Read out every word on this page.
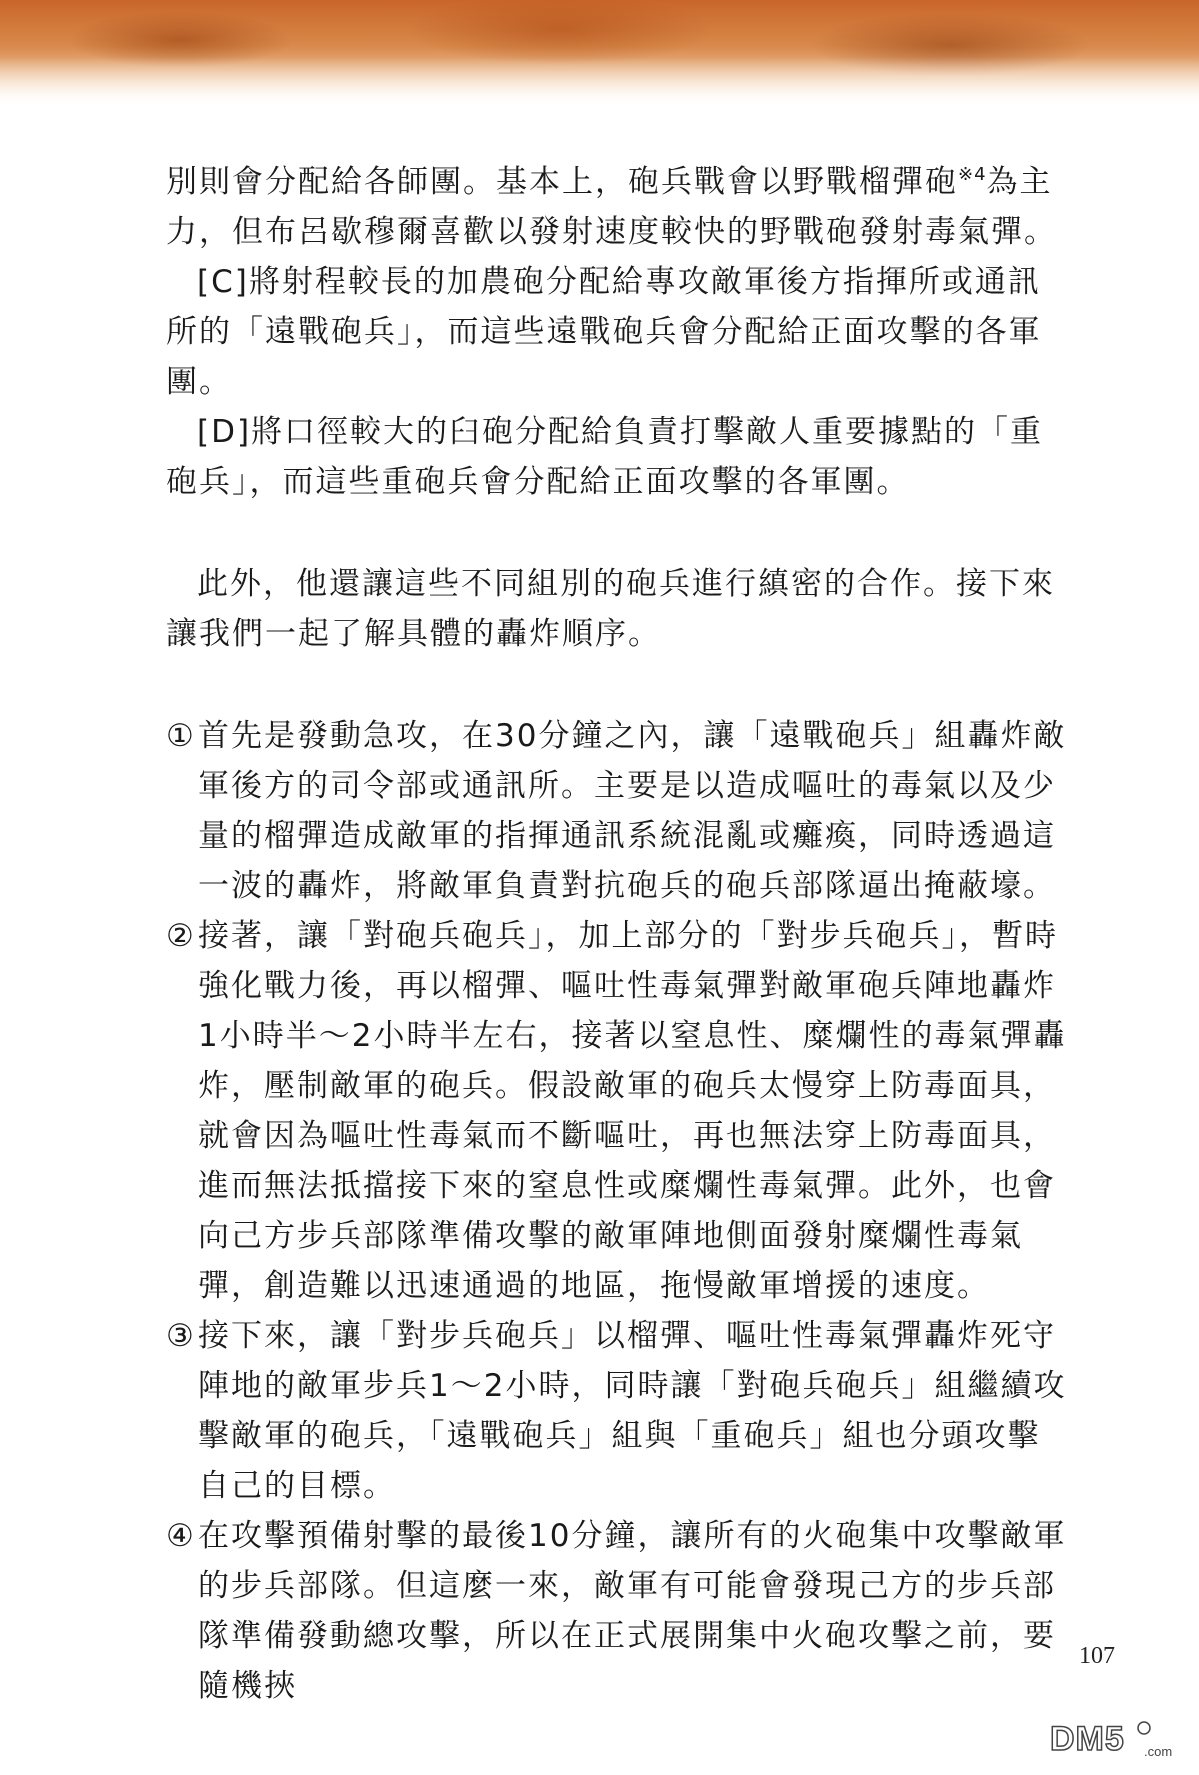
別則會分配給各師團。基本上，砲兵戰會以野戰榴彈砲$^{※4}$為主力，但布呂歇穆爾喜歡以發射速度較快的野戰砲發射毒氣彈。

[C]將射程較長的加農砲分配給專攻敵軍後方指揮所或通訊所的「遠戰砲兵」，而這些遠戰砲兵會分配給正面攻擊的各軍團。

[D]將口徑較大的臼砲分配給負責打擊敵人重要據點的「重砲兵」，而這些重砲兵會分配給正面攻擊的各軍團。

此外，他還讓這些不同組別的砲兵進行縝密的合作。接下來讓我們一起了解具體的轟炸順序。

① 首先是發動急攻，在30分鐘之內，讓「遠戰砲兵」組轟炸敵軍後方的司令部或通訊所。主要是以造成嘔吐的毒氣以及少量的榴彈造成敵軍的指揮通訊系統混亂或癱瘓，同時透過這一波的轟炸，將敵軍負責對抗砲兵的砲兵部隊逼出掩蔽壕。

② 接著，讓「對砲兵砲兵」，加上部分的「對步兵砲兵」，暫時強化戰力後，再以榴彈、嘔吐性毒氣彈對敵軍砲兵陣地轟炸1小時半～2小時半左右，接著以窒息性、糜爛性的毒氣彈轟炸，壓制敵軍的砲兵。假設敵軍的砲兵太慢穿上防毒面具，就會因為嘔吐性毒氣而不斷嘔吐，再也無法穿上防毒面具，進而無法抵擋接下來的窒息性或糜爛性毒氣彈。此外，也會向己方步兵部隊準備攻擊的敵軍陣地側面發射糜爛性毒氣彈，創造難以迅速通過的地區，拖慢敵軍增援的速度。

③ 接下來，讓「對步兵砲兵」以榴彈、嘔吐性毒氣彈轟炸死守陣地的敵軍步兵1～2小時，同時讓「對砲兵砲兵」組繼續攻擊敵軍的砲兵，「遠戰砲兵」組與「重砲兵」組也分頭攻擊自己的目標。

④ 在攻擊預備射擊的最後10分鐘，讓所有的火砲集中攻擊敵軍的步兵部隊。但這麼一來，敵軍有可能會發現己方的步兵部隊準備發動總攻擊，所以在正式展開集中火砲攻擊之前，要隨機挾

107
DM5 .com
